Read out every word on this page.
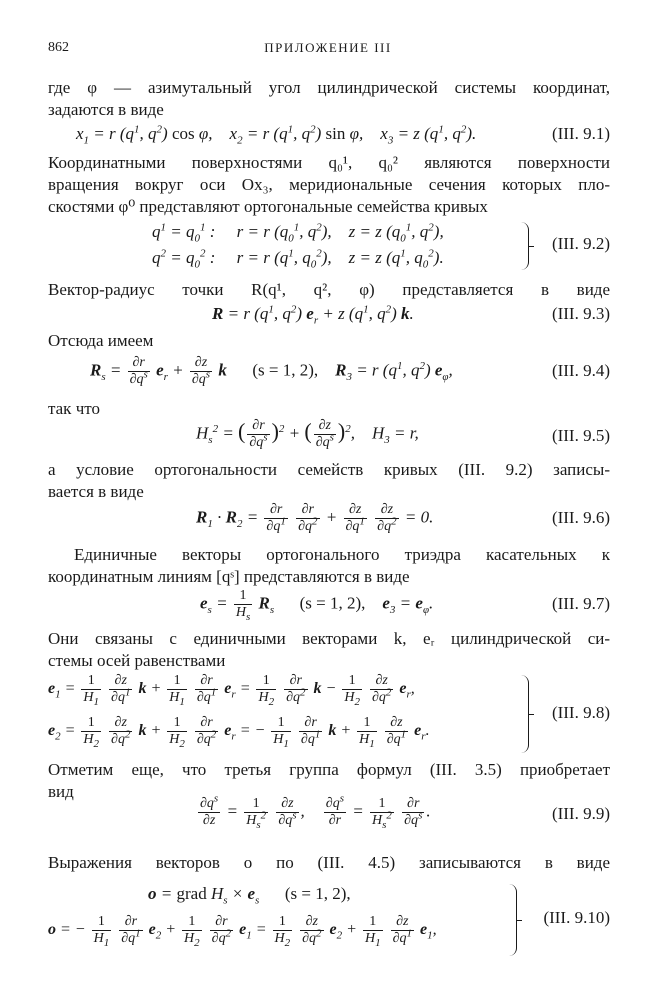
862	ПРИЛОЖЕНИЕ III
где φ — азимутальный угол цилиндрической системы координат,
задаются в виде
$x_1 = r$ ($q^1$, $q^2$) cos φ,    $x_2 = r$ ($q^1$, $q^2$) sin φ,    $x_3 = z$ ($q^1$, $q^2$).	(III. 9.1)
Координатными поверхностями q₀¹, q₀² являются поверхности
вращения вокруг оси Ox₃, меридиональные сечения которых пло-
скостями φ⁰ представляют ортогональные семейства кривых
$q^1 = q_0^1$ :     r = r ($q_0^1$, $q^2$),    z = z ($q_0^1$, $q^2$),
$q^2 = q_0^2$ :     r = r ($q^1$, $q_0^2$),    z = z ($q^1$, $q_0^2$).
(III. 9.2)
Вектор-радиус точки R(q¹, q², φ) представляется в виде
R = r ($q^1$, $q^2$) $e_r + z$ ($q^1$, $q^2$) k.	(III. 9.3)
Отсюда имеем
$R_s = \frac{\partial r}{\partial q^s} e_r + \frac{\partial z}{\partial q^s}$ k (s = 1, 2), $R_3 = r$ ($q^1$, $q^2$) $e_\varphi$,	(III. 9.4)
так что
$H_s^2$ = ( $\frac{\partial r}{\partial q^s} )^2$ + ( $\frac{\partial z}{\partial q^s} )^2$,    $H_3 = r$,	(III. 9.5)
а условие ортогональности семейств кривых (III. 9.2) записы-
вается в виде
$R_1 \cdot R_2 = \frac{\partial r}{\partial q^1}$
$\frac{\partial r}{\partial q^2} + \frac{\partial z}{\partial q^1}$
$\frac{\partial z}{\partial q^2} = 0$.	(III. 9.6)
Единичные векторы ортогонального триэдра касательных к
координатным линиям [qˢ] представляются в виде
$e_s = \frac{1}{H_s} R_s$ (s = 1, 2), $e_3 = e_\varphi$.	(III. 9.7)
Они связаны с единичными векторами k, eᵣ цилиндрической си-
стемы осей равенствами
$e_1 = \frac{1}{H_1}$
$\frac{\partial z}{\partial q^1}$ $k + \frac{1}{H_1}$
$\frac{\partial r}{\partial q^1} e_r = \frac{1}{H_2}$
$\frac{\partial r}{\partial q^2}$ $k - \frac{1}{H_2}$
$\frac{\partial z}{\partial q^2} e_r$,
$e_2 = \frac{1}{H_2}$
$\frac{\partial z}{\partial q^2}$ $k + \frac{1}{H_2}$
$\frac{\partial r}{\partial q^2} e_r$ = − $\frac{1}{H_1}$
$\frac{\partial r}{\partial q^1}$ $k + \frac{1}{H_1}$
$\frac{\partial z}{\partial q^1} e_r$.
(III. 9.8)
Отметим еще, что третья группа формул (III. 3.5) приобретает
вид
$\frac{\partial q^s}{\partial z} = \frac{1}{H_s^2}$
$\frac{\partial z}{\partial q^s}$ , $\frac{\partial q^s}{\partial r} = \frac{1}{H_s^2}$
$\frac{\partial r}{\partial q^s}$ .	(III. 9.9)
Выражения векторов o по (III. 4.5) записываются в виде
o = grad $H_s \times e_s$ (s = 1, 2),
o = − $\frac{1}{H_1}$
$\frac{\partial r}{\partial q^1} e_2 + \frac{1}{H_2}$
$\frac{\partial r}{\partial q^2} e_1 = \frac{1}{H_2}$
$\frac{\partial z}{\partial q^2} e_2 + \frac{1}{H_1}$
$\frac{\partial z}{\partial q^1} e_1$,
(III. 9.10)
